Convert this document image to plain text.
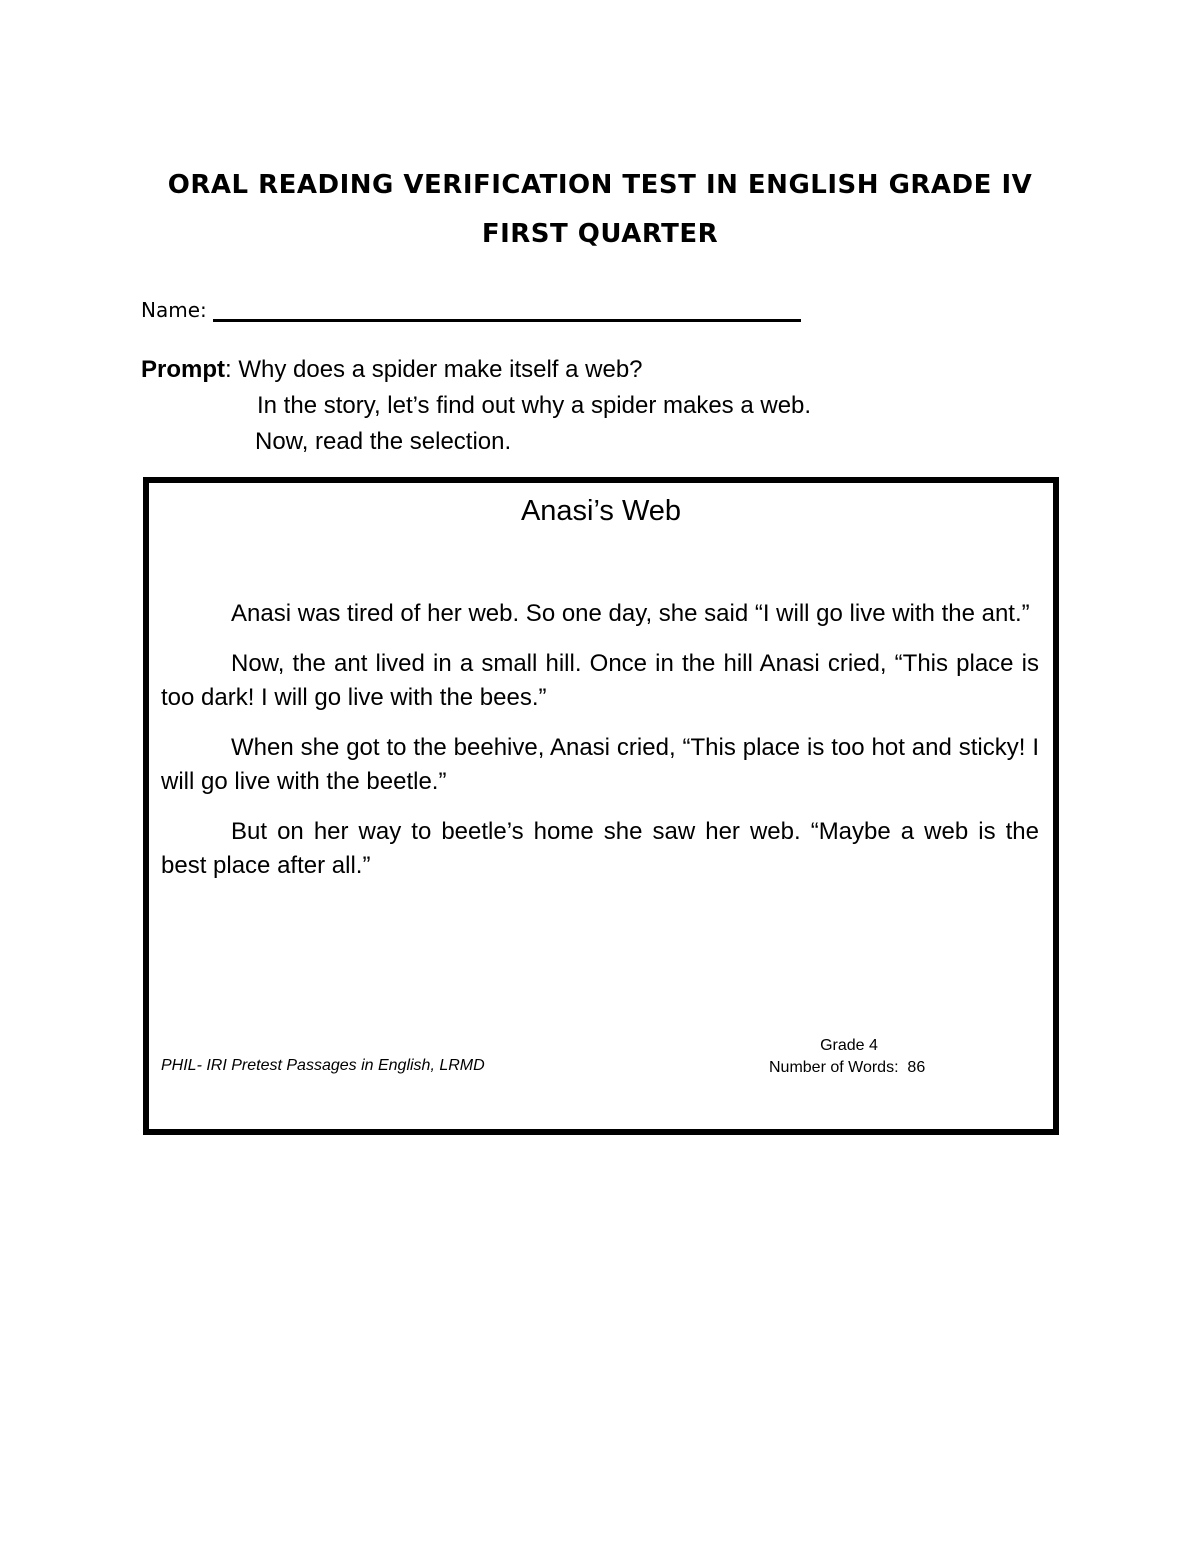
ORAL READING VERIFICATION TEST IN ENGLISH GRADE IV
FIRST QUARTER
Name:
Prompt: Why does a spider make itself a web?
In the story, let’s find out why a spider makes a web.
Now, read the selection.
Anasi’s Web

Anasi was tired of her web. So one day, she said “I will go live with the ant.”

Now, the ant lived in a small hill. Once in the hill Anasi cried, “This place is too dark! I will go live with the bees.”

When she got to the beehive, Anasi cried, “This place is too hot and sticky! I will go live with the beetle.”

But on her way to beetle’s home she saw her web. “Maybe a web is the best place after all.”

PHIL- IRI Pretest Passages in English, LRMD
Grade 4
Number of Words:  86
